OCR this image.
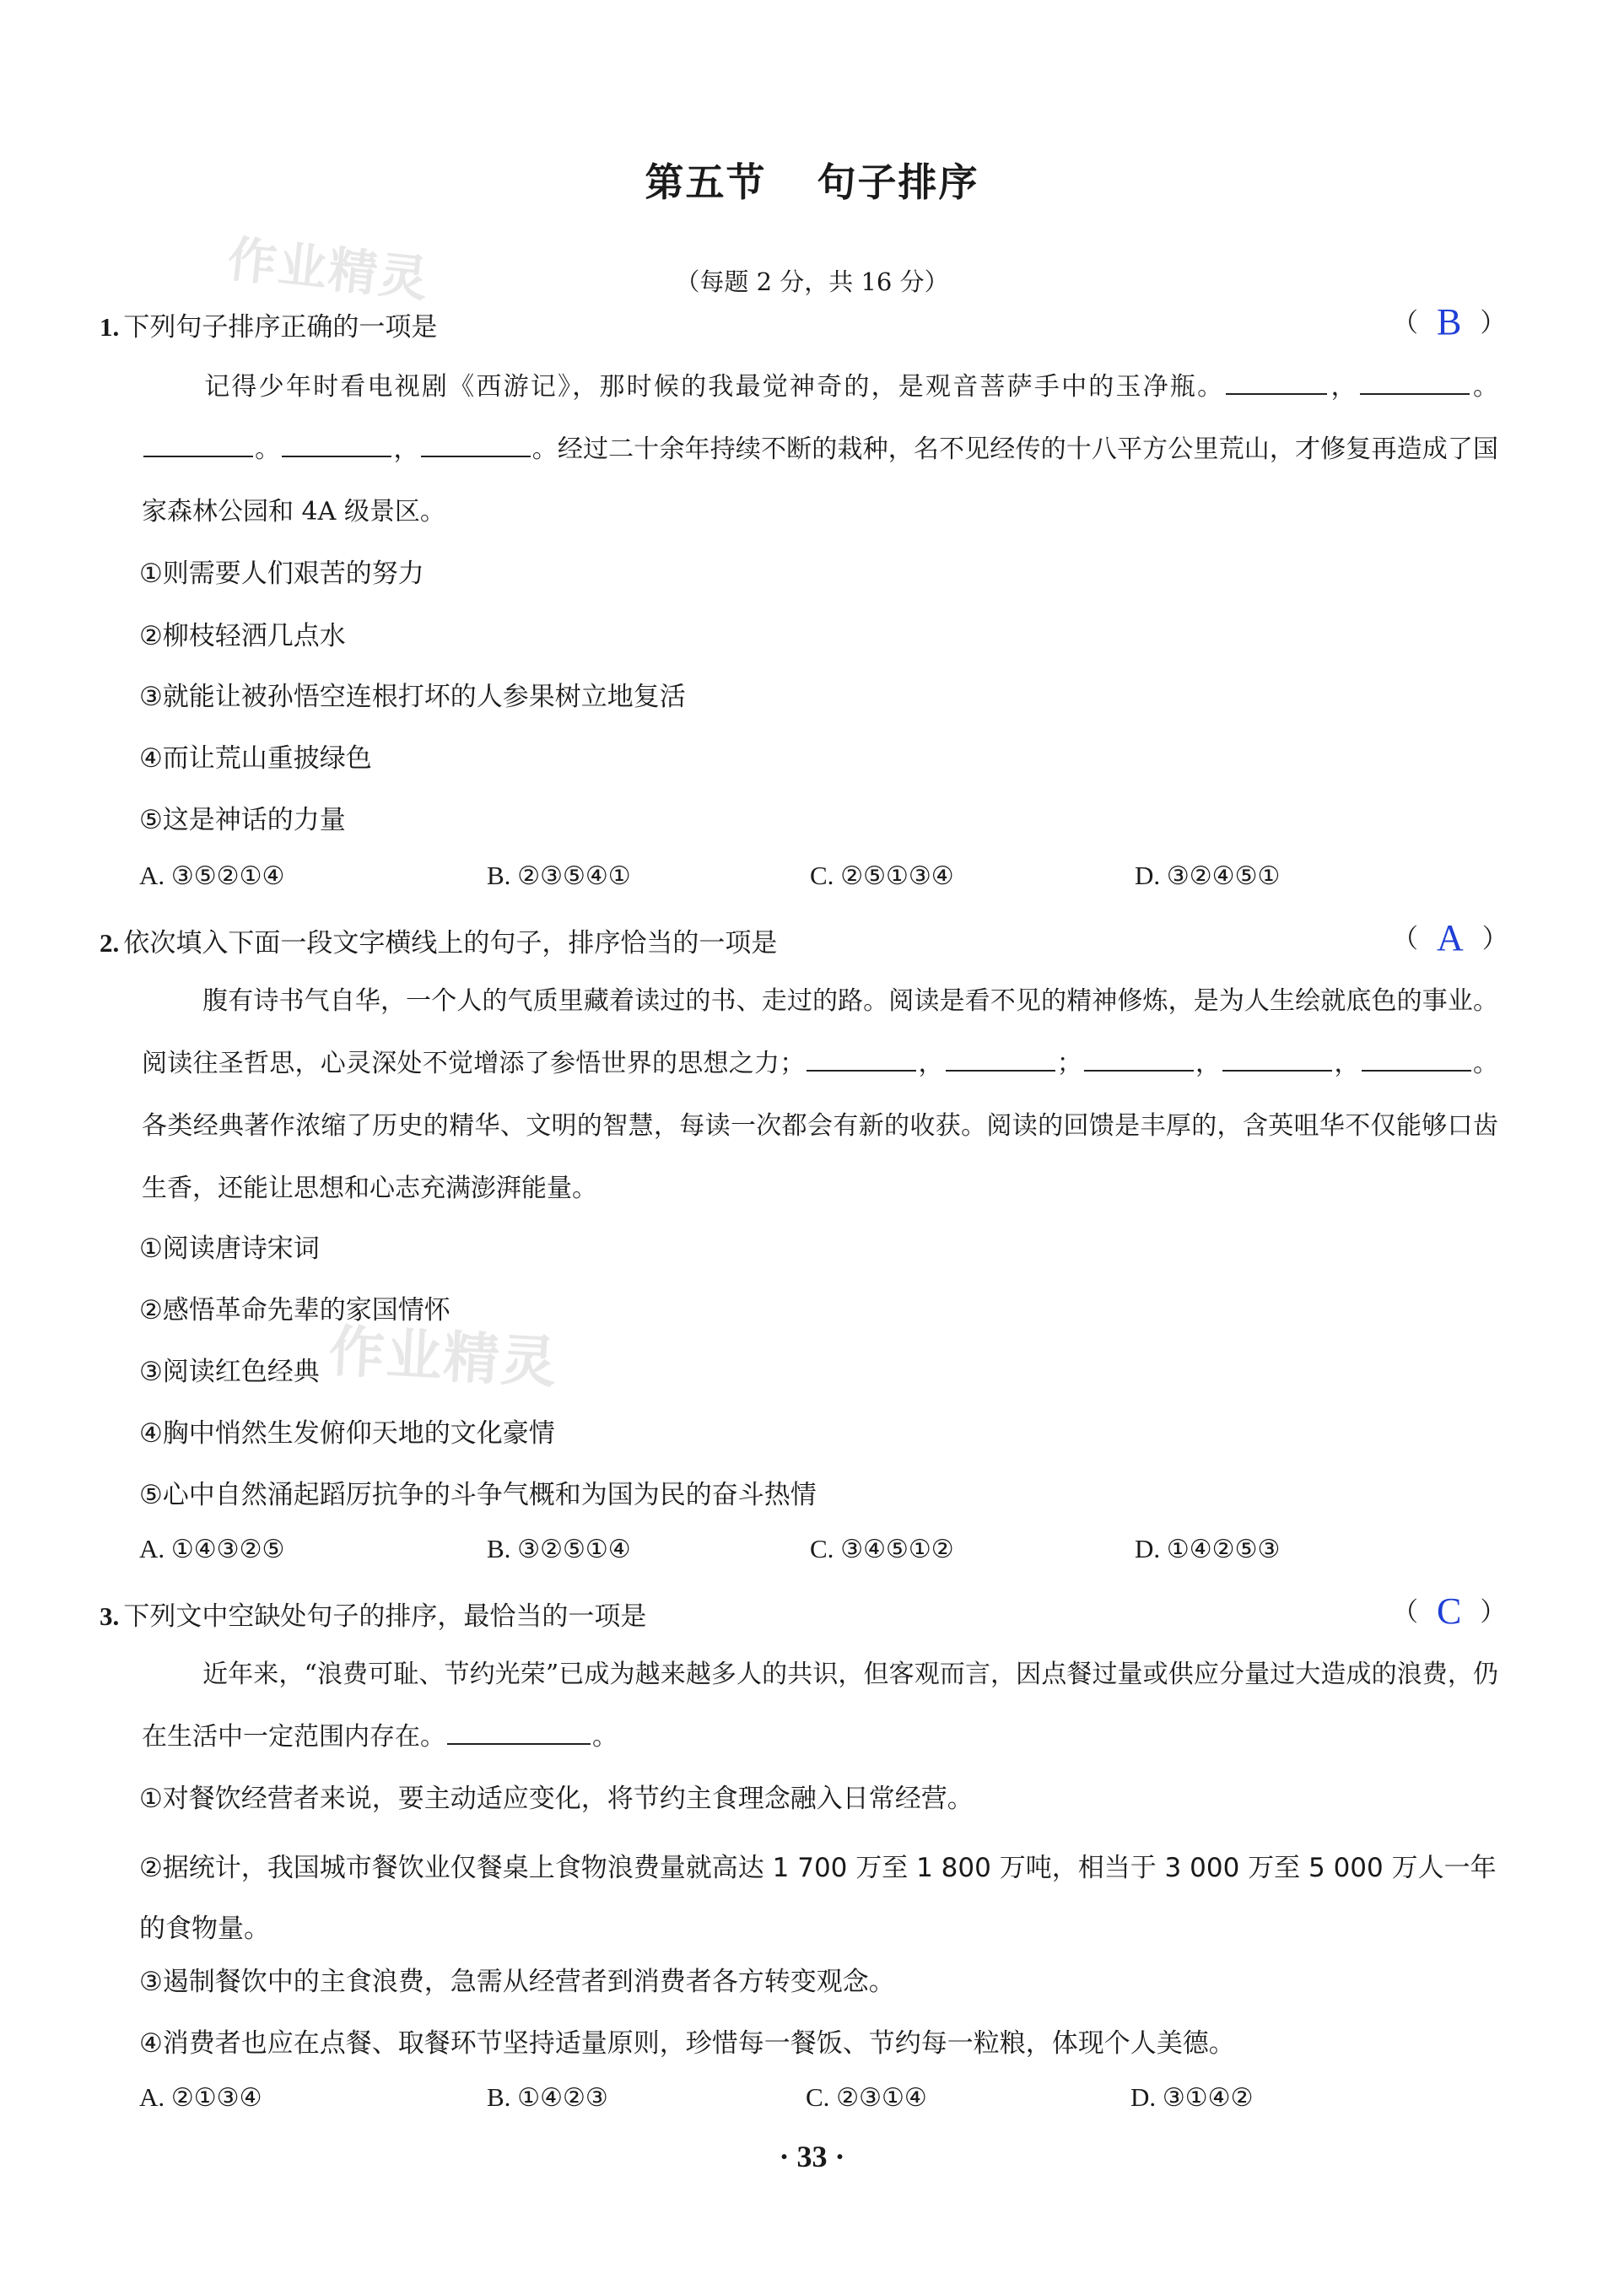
作业精灵
作业精灵
第五节 句子排序
（每题 2 分，共 16 分）
1. 下列句子排序正确的一项是	（ B ）
记得少年时看电视剧《西游记》，那时候的我最觉神奇的，是观音菩萨手中的玉净瓶。	，	。。	，	。经过二十余年持续不断的栽种，名不见经传的十八平方公里荒山，才修复再造成了国家森林公园和 4A 级景区。
①则需要人们艰苦的努力
②柳枝轻洒几点水
③就能让被孙悟空连根打坏的人参果树立地复活
④而让荒山重披绿色
⑤这是神话的力量
A. ③⑤②①④	B. ②③⑤④①	C. ②⑤①③④	D. ③②④⑤①
2. 依次填入下面一段文字横线上的句子，排序恰当的一项是	（ A ）
腹有诗书气自华，一个人的气质里藏着读过的书、走过的路。阅读是看不见的精神修炼，是为人生绘就底色的事业。阅读往圣哲思，心灵深处不觉增添了参悟世界的思想之力；	，	；	，	，	。各类经典著作浓缩了历史的精华、文明的智慧，每读一次都会有新的收获。阅读的回馈是丰厚的，含英咀华不仅能够口齿生香，还能让思想和心志充满澎湃能量。
①阅读唐诗宋词
②感悟革命先辈的家国情怀
③阅读红色经典
④胸中悄然生发俯仰天地的文化豪情
⑤心中自然涌起蹈厉抗争的斗争气概和为国为民的奋斗热情
A. ①④③②⑤	B. ③②⑤①④	C. ③④⑤①②	D. ①④②⑤③
3. 下列文中空缺处句子的排序，最恰当的一项是	（ C ）
近年来，“浪费可耻、节约光荣”已成为越来越多人的共识，但客观而言，因点餐过量或供应分量过大造成的浪费，仍在生活中一定范围内存在。	。
①对餐饮经营者来说，要主动适应变化，将节约主食理念融入日常经营。
②据统计，我国城市餐饮业仅餐桌上食物浪费量就高达 1 700 万至 1 800 万吨，相当于 3 000 万至 5 000 万人一年的食物量。
③遏制餐饮中的主食浪费，急需从经营者到消费者各方转变观念。
④消费者也应在点餐、取餐环节坚持适量原则，珍惜每一餐饭、节约每一粒粮，体现个人美德。
A. ②①③④	B. ①④②③	C. ②③①④	D. ③①④②
· 33 ·
